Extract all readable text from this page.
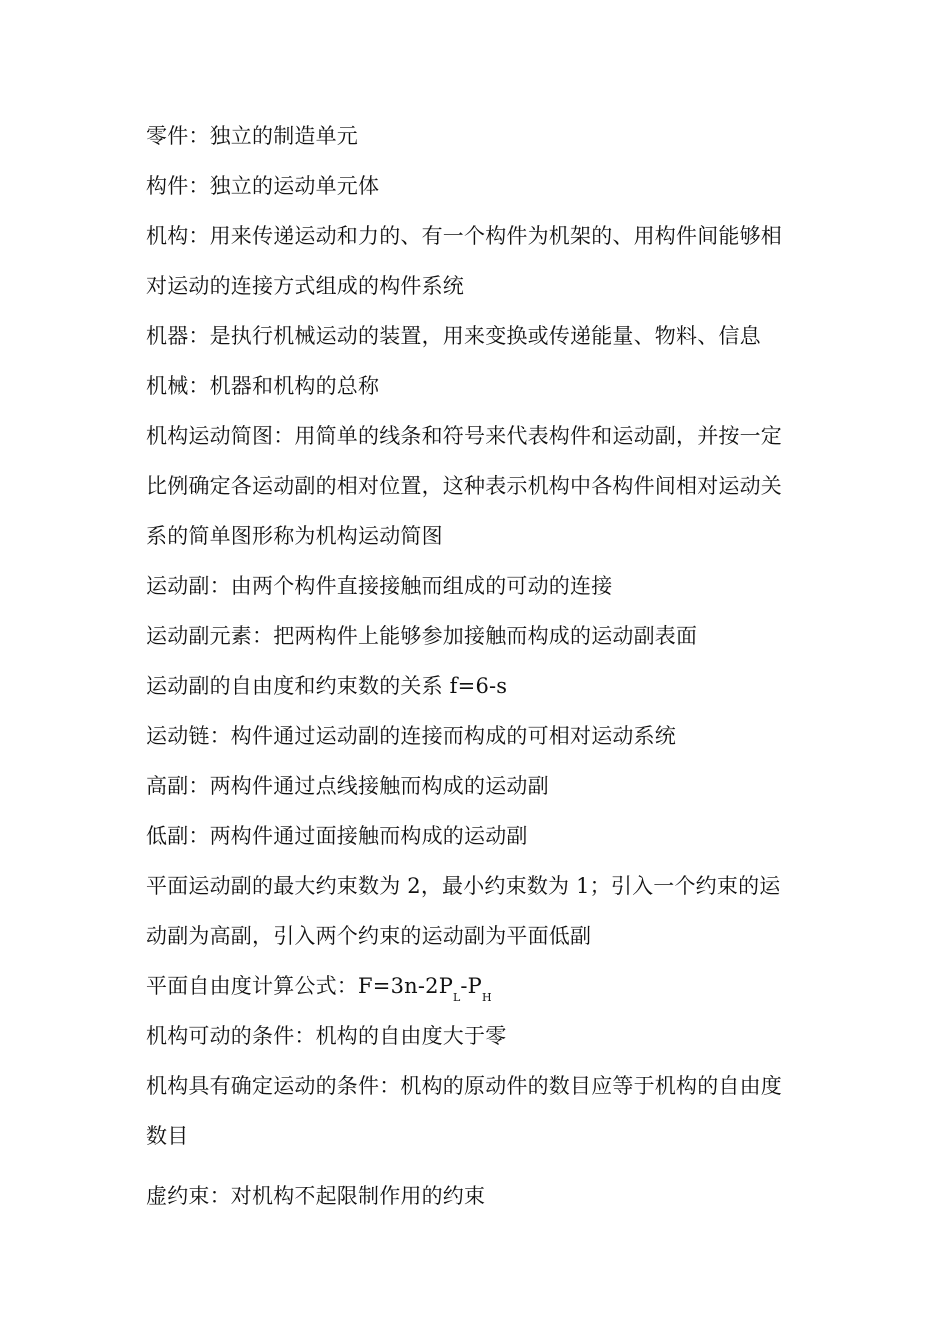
零件：独立的制造单元
构件：独立的运动单元体
机构：用来传递运动和力的、有一个构件为机架的、用构件间能够相
对运动的连接方式组成的构件系统
机器：是执行机械运动的装置，用来变换或传递能量、物料、信息
机械：机器和机构的总称
机构运动简图：用简单的线条和符号来代表构件和运动副，并按一定
比例确定各运动副的相对位置，这种表示机构中各构件间相对运动关
系的简单图形称为机构运动简图
运动副：由两个构件直接接触而组成的可动的连接
运动副元素：把两构件上能够参加接触而构成的运动副表面
运动副的自由度和约束数的关系 f=6-s
运动链：构件通过运动副的连接而构成的可相对运动系统
高副：两构件通过点线接触而构成的运动副
低副：两构件通过面接触而构成的运动副
平面运动副的最大约束数为 2，最小约束数为 1；引入一个约束的运
动副为高副，引入两个约束的运动副为平面低副
平面自由度计算公式：$F=3n-2P_L-P_H$
机构可动的条件：机构的自由度大于零
机构具有确定运动的条件：机构的原动件的数目应等于机构的自由度
数目
虚约束：对机构不起限制作用的约束
